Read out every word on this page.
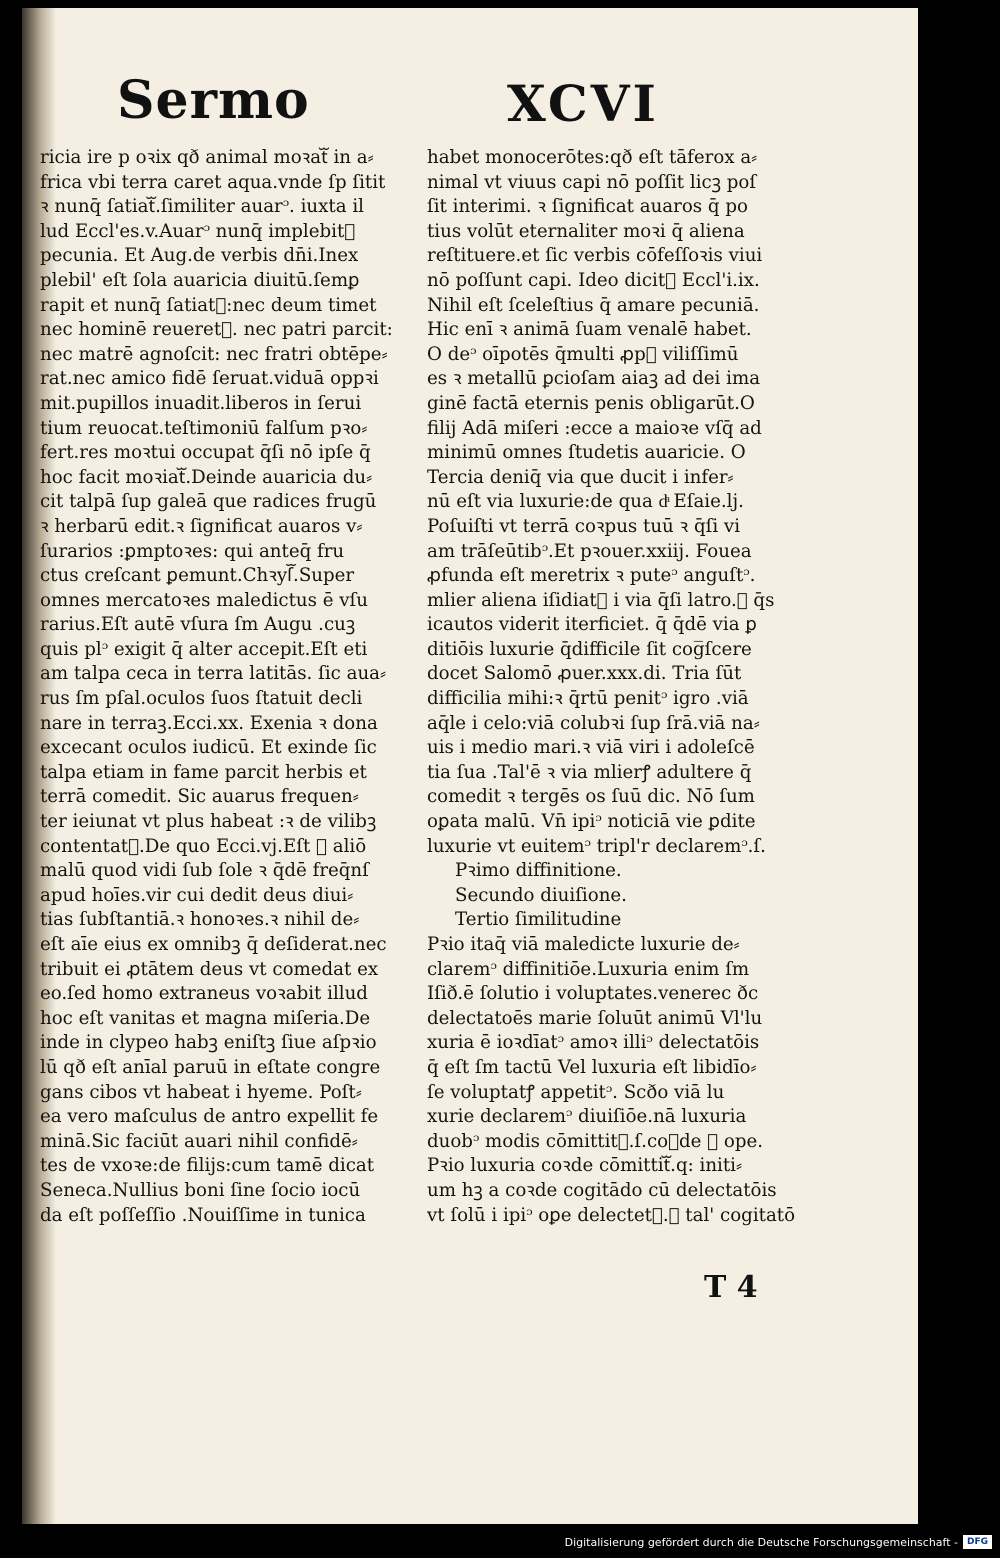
Sermo	XCVI
ricia ire p oꝛix qð animal moꝛatᷓ in a⸗
frica vbi terra caret aqua.vnde ſp ſitit
ꝛ nunq̄ ſatiatᷓ.ſimiliter auarᵓ. iuxta il
lud Eccl'es.v.Auarᵓ nunq̄ implebitᷓ
pecunia. Et Aug.de verbis dn̄i.Inex
plebil' eſt ſola auaricia diuitū.ſemꝑ
rapit et nunq̄ ſatiatᷓ:nec deum timet
nec hominē reueretᷓ. nec patri parcit:
nec matrē agnoſcit: nec fratri obtēpe⸗
rat.nec amico fidē ſeruat.viduā oppꝛi
mit.pupillos inuadit.liberos in ſerui
tium reuocat.teſtimoniū falſum pꝛo⸗
fert.res moꝛtui occupat q̄ſi nō ipſe q̄
hoc facit moꝛiatᷓ.Deinde auaricia du⸗
cit talpā ſup galeā que radices frugū
ꝛ herbarū edit.ꝛ ſignificat auaros v⸗
ſurarios :ꝑmptoꝛes: qui anteq̄ fru
ctus creſcant ꝑemunt.Chꝛyſᷓ.Super
omnes mercatoꝛes maledictus ē vſu
rarius.Eſt autē vſura ſm Augu .cuꝫ
quis plᵓ exigit q̄ alter accepit.Eſt eti
am talpa ceca in terra latitās. ſic aua⸗
rus ſm pſal.oculos ſuos ſtatuit decli
nare in terraꝫ.Ecci.xx. Exenia ꝛ dona
excecant oculos iudicū. Et exinde ſic
talpa etiam in fame parcit herbis et
terrā comedit. Sic auarus frequen⸗
ter ieiunat vt plus habeat :ꝛ de vilibꝫ
contentatᷓ.De quo Ecci.vj.Eſt ꝛ aliō
malū quod vidi ſub ſole ꝛ q̄dē freq̄nſ
apud hoīes.vir cui dedit deus diui⸗
tias ſubſtantiā.ꝛ honoꝛes.ꝛ nihil de⸗
eſt aīe eius ex omnibꝫ q̄ deſiderat.nec
tribuit ei ꝓtātem deus vt comedat ex
eo.ſed homo extraneus voꝛabit illud
hoc eſt vanitas et magna miſeria.De
inde in clypeo habꝫ eniſtꝫ ſiue aſpꝛio
lū qð eſt anīal paruū in eſtate congre
gans cibos vt habeat i hyeme. Poſt⸗
ea vero maſculus de antro expellit fe
minā.Sic faciūt auari nihil confidē⸗
tes de vxoꝛe:de filijs:cum tamē dicat
Seneca.Nullius boni ſine ſocio iocū
da eſt poſſeſſio .Nouiſſime in tunica
habet monocerōtes:qð eſt tāferox a⸗
nimal vt viuus capi nō poſſit licꝫ poſ
ſit interimi. ꝛ ſignificat auaros q̄ po
tius volūt eternaliter moꝛi q̄ aliena
reſtituere.et ſic verbis cōfeſſoꝛis viui
nō poſſunt capi. Ideo dicitᷓ Eccl'i.ix.
Nihil eſt ſceleſtius q̄ amare pecuniā.
Hic enī ꝛ animā ſuam venalē habet.
O deᵓ oīpotēs q̄multi ꝓpᷓ viliſſimū
es ꝛ metallū ꝑcioſam aiaꝫ ad dei ima
ginē factā eternis penis obligarūt.O
filij Adā miſeri :ecce a maioꝛe vſq̄ ad
minimū omnes ſtudetis auaricie. O
Tercia deniq̄ via que ducit i infer⸗
nū eſt via luxurie:de qua dͣ Eſaie.lj.
Poſuiſti vt terrā coꝛpus tuū ꝛ q̄ſi vi
am trāſeūtibᵓ.Et pꝛouer.xxiij. Fouea
ꝓfunda eſt meretrix ꝛ puteᵓ anguſtᵓ.
mlier aliena iſidiatᷓ i via q̄ſi latro.ꝛ q̄s
icautos viderit iterficiet. q̄ q̄dē via ꝑ
ditiōis luxurie q̄difficile ſit cog̅ſcere
docet Salomō ꝓuer.xxx.di. Tria ſūt
difficilia mihi:ꝛ q̄rtū penitᵓ igro .viā
aq̄le i celo:viā colubꝛi ſup ſrā.viā na⸗
uis i medio mari.ꝛ viā viri i adoleſcē
tia ſua .Tal'ē ꝛ via mlierꝭ adultere q̄
comedit ꝛ tergēs os ſuū dic. Nō ſum
oꝑata malū. Vn̄ ipiᵓ noticiā vie ꝑdite
luxurie vt euitemᵓ tripl'r declaremᵓ.ſ.
Pꝛimo diffinitione.
Secundo diuiſione.
Tertio ſimilitudine
Pꝛio itaq̄ viā maledicte luxurie de⸗
claremᵓ diffinitiōe.Luxuria enim ſm
Iſið.ē ſolutio i voluptates.venerec ðc
delectatoēs marie ſoluūt animū Vl'lu
xuria ē ioꝛdīatᵓ amoꝛ illiᵓ delectatōis
q̄ eſt ſm tactū Vel luxuria eſt libidīo⸗
ſe voluptatꝭ appetitᵓ. Scðo viā lu
xurie declaremᵓ diuiſiōe.nā luxuria
duobᵓ modis cōmittitᷓ.ſ.coꝛde ꝛ ope.
Pꝛio luxuria coꝛde cōmittitᷓ.q: initi⸗
um hꝫ a coꝛde cogitādo cū delectatōis
vt ſolū i ipiᵓ oꝑe delectetᷓ.ꝛ tal' cogitatō
T 4
Digitalisierung gefördert durch die Deutsche Forschungsgemeinschaft -	DFG
